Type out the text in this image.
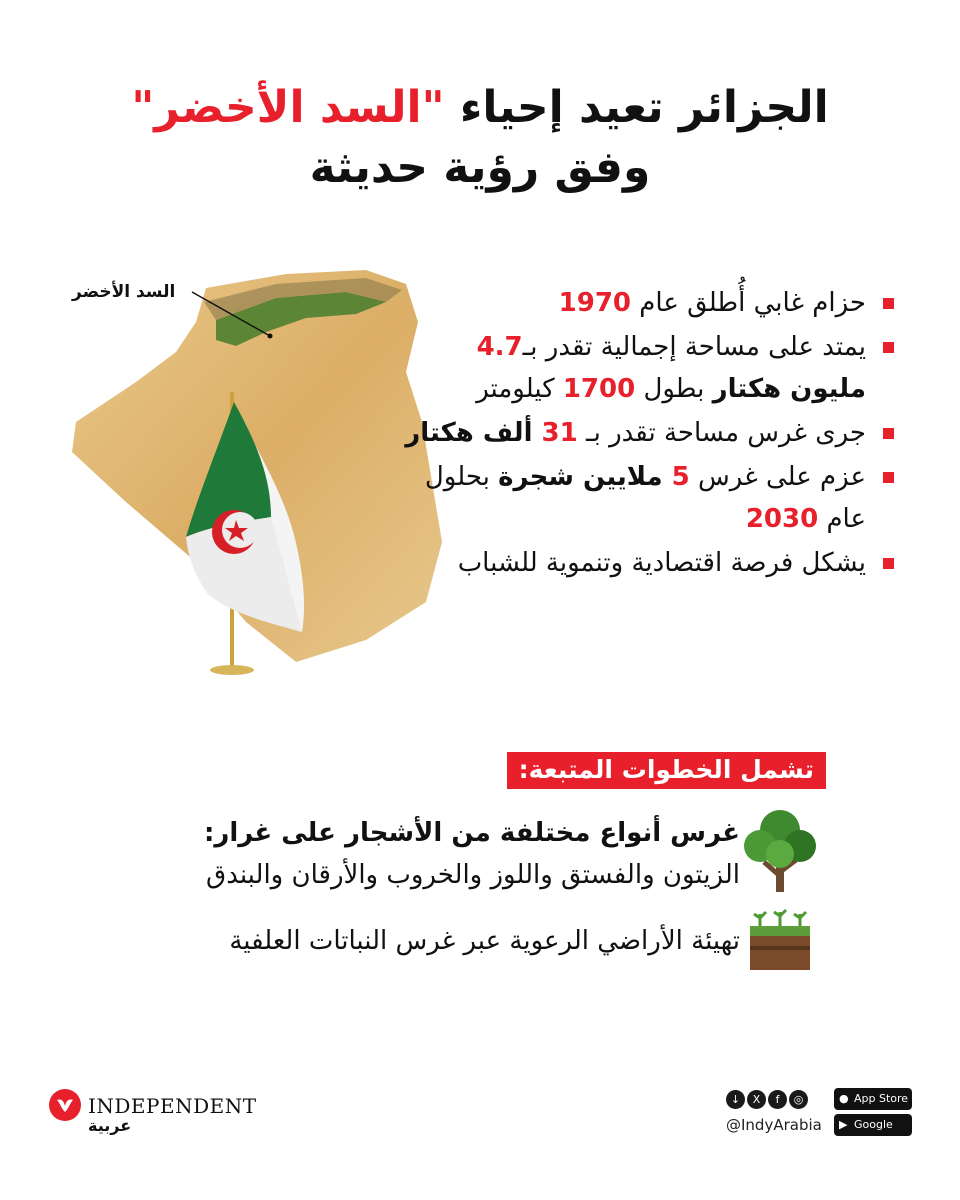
الجزائر تعيد إحياء "السد الأخضر"
وفق رؤية حديثة
السد الأخضر	حزام غابي أُطلق عام 1970
يمتد على مساحة إجمالية تقدر بـ4.7 مليون هكتار بطول 1700 كيلومتر
جرى غرس مساحة تقدر بـ 31 ألف هكتار
عزم على غرس 5 ملايين شجرة بحلول عام 2030
يشكل فرصة اقتصادية وتنموية للشباب
تشمل الخطوات المتبعة:
غرس أنواع مختلفة من الأشجار على غرار:
الزيتون والفستق واللوز والخروب والأرقان والبندق
تهيئة الأراضي الرعوية عبر غرس النباتات العلفية
INDEPENDENT
عربية
↓ X f ◎
@IndyArabia
● App Store
▶ Google Play
